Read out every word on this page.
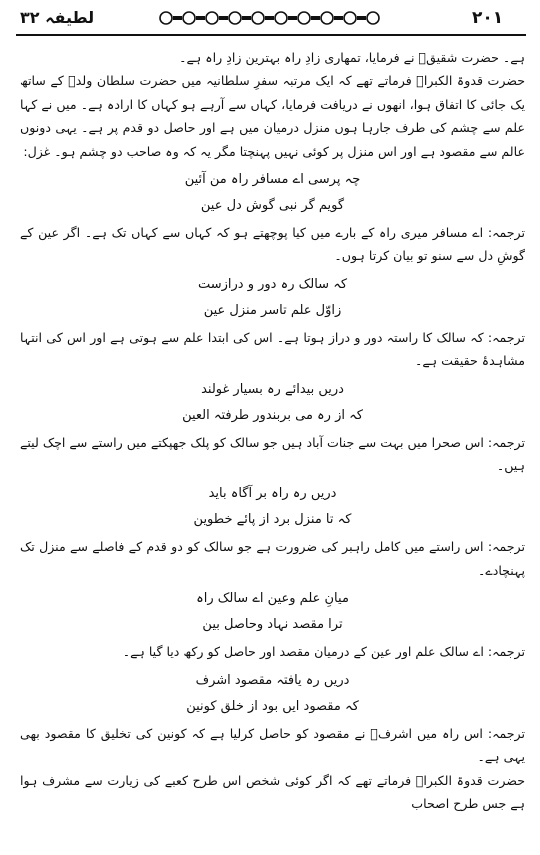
لطیفہ ۳۲	۲۰۱

ہے۔ حضرت شقیقؒ نے فرمایا، تمھاری زادِ راہ بہترین زادِ راہ ہے۔

حضرت قدوۃ الکبراؒ فرماتے تھے کہ ایک مرتبہ سفرِ سلطانیہ میں حضرت سلطان ولدؒ کے ساتھ یک جائی کا اتفاق ہوا، انھوں نے دریافت فرمایا، کہاں سے آرہے ہو کہاں کا ارادہ ہے۔ میں نے کہا علم سے چشم کی طرف جارہا ہوں منزل درمیان میں ہے اور حاصل دو قدم پر ہے۔ یہی دونوں عالم سے مقصود ہے اور اس منزل پر کوئی نہیں پہنچتا مگر یہ کہ وہ صاحب دو چشم ہو۔ غزل:

چہ پرسی اے مسافر راہ من آئین
گویم گر نبی گوش دل عین

ترجمہ: اے مسافر میری راہ کے بارے میں کیا پوچھتے ہو کہ کہاں سے کہاں تک ہے۔ اگر عین کے گوشِ دل سے سنو تو بیان کرتا ہوں۔

کہ سالک رہ دور و درازست
زاوّل علم تاسر منزل عین

ترجمہ: کہ سالک کا راستہ دور و دراز ہوتا ہے۔ اس کی ابتدا علم سے ہوتی ہے اور اس کی انتہا مشاہدۂ حقیقت ہے۔

دریں بیدائے رہ بسیار غولند
کہ از رہ می بربندور طرفتہ العین

ترجمہ: اس صحرا میں بہت سے جنات آباد ہیں جو سالک کو پلک جھپکتے میں راستے سے اچک لیتے ہیں۔

دریں رہ راہ بر آگاہ باید
کہ تا منزل برد از پائے خطوین

ترجمہ: اس راستے میں کامل راہبر کی ضرورت ہے جو سالک کو دو قدم کے فاصلے سے منزل تک پہنچادے۔

میانِ علم وعین اے سالک راہ
ترا مقصد نہاد وحاصل بین

ترجمہ: اے سالک علم اور عین کے درمیان مقصد اور حاصل کو رکھ دیا گیا ہے۔

دریں رہ یافتہ مقصود اشرف
کہ مقصود ایں بود از خلق کونین

ترجمہ: اس راہ میں اشرفؒ نے مقصود کو حاصل کرلیا ہے کہ کونین کی تخلیق کا مقصود بھی یہی ہے۔

حضرت قدوۃ الکبراؒ فرماتے تھے کہ اگر کوئی شخص اس طرح کعبے کی زیارت سے مشرف ہوا ہے جس طرح اصحاب
